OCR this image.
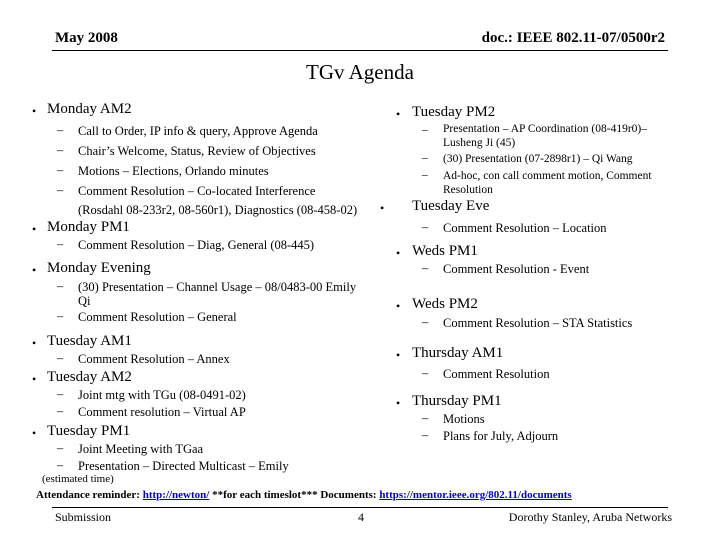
May 2008	doc.: IEEE 802.11-07/0500r2
TGv Agenda
• Monday AM2
– Call to Order, IP info & query, Approve Agenda
– Chair’s Welcome, Status, Review of Objectives
– Motions – Elections, Orlando minutes
– Comment Resolution – Co-located Interference
(Rosdahl 08-233r2, 08-560r1), Diagnostics (08-458-02)
• Monday PM1
– Comment Resolution – Diag, General (08-445)
• Monday Evening
– (30) Presentation – Channel Usage – 08/0483-00 Emily
Qi
– Comment Resolution – General
• Tuesday AM1
– Comment Resolution – Annex
• Tuesday AM2
– Joint mtg with TGu (08-0491-02)
– Comment resolution – Virtual AP
• Tuesday PM1
– Joint Meeting with TGaa
– Presentation – Directed Multicast – Emily
• Tuesday PM2
– Presentation – AP Coordination (08-419r0)–
Lusheng Ji (45)
– (30) Presentation (07-2898r1) – Qi Wang
– Ad-hoc, con call comment motion, Comment
Resolution
• Tuesday Eve
– Comment Resolution – Location
• Weds PM1
– Comment Resolution - Event
• Weds PM2
– Comment Resolution – STA Statistics
• Thursday AM1
– Comment Resolution
• Thursday PM1
– Motions
– Plans for July, Adjourn
(estimated time)
Attendance reminder: http://newton/ **for each timeslot*** Documents: https://mentor.ieee.org/802.11/documents
Submission	4	Dorothy Stanley, Aruba Networks
